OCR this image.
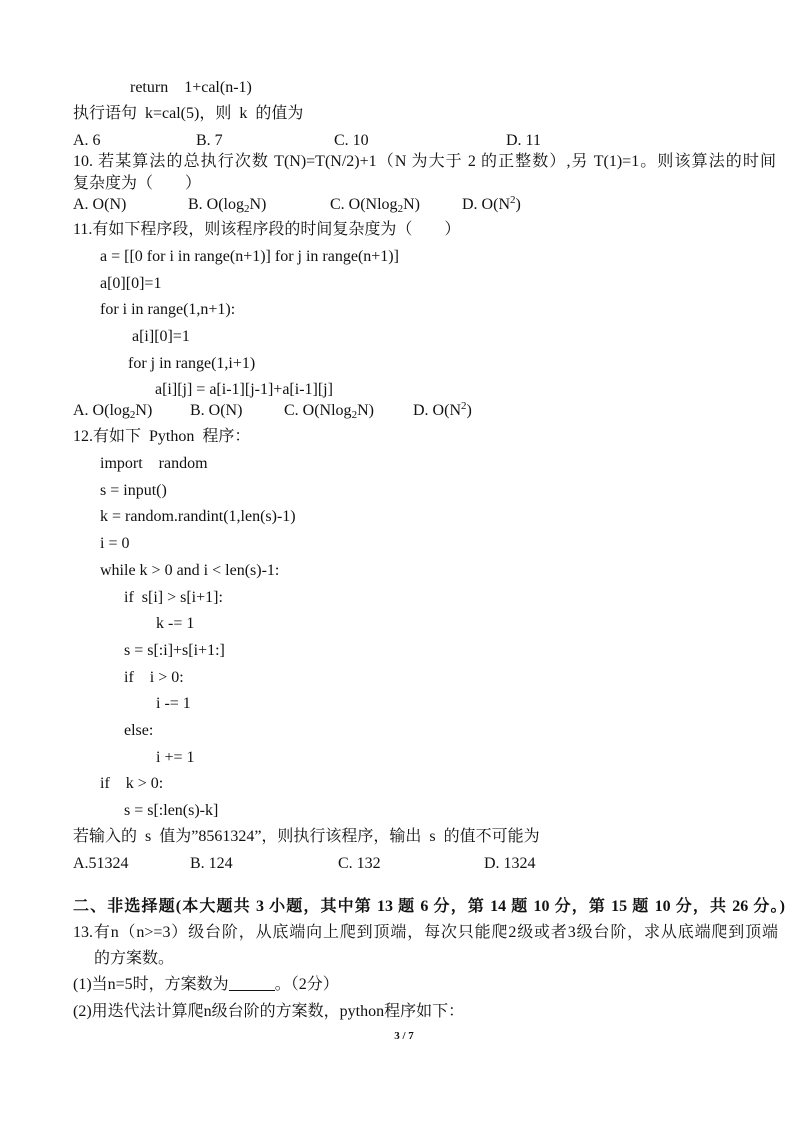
return    1+cal(n-1)
执行语句  k=cal(5)，则  k  的值为
A. 6	B. 7	C. 10	D. 11
10. 若某算法的总执行次数 T(N)=T(N/2)+1（N 为大于 2 的正整数）,另 T(1)=1。则该算法的时间
复杂度为（        ）
A. O(N)	B. $O(\log_2N)$	C. O(Nlog$_2$N)	D. $O(N^2)$
11.有如下程序段，则该程序段的时间复杂度为（        ）
a = [[0 for i in range(n+1)] for j in range(n+1)]
a[0][0]=1
for i in range(1,n+1):
a[i][0]=1
for j in range(1,i+1)
a[i][j] = a[i-1][j-1]+a[i-1][j]
A. $O(\log_2N)$ B. O(N)	C. O(Nlog$_2$N) D. $O(N^2)$
12.有如下  Python  程序：
import    random
s = input()
k = random.randint(1,len(s)-1)
i = 0
while k > 0 and i < len(s)-1:
if  s[i] > s[i+1]:
k -= 1
s = s[:i]+s[i+1:]
if    i > 0:
i -= 1
else:
i += 1
if    k > 0:
s = s[:len(s)-k]
若输入的  s  值为”8561324”，则执行该程序，输出  s  的值不可能为
A.51324	B. 124	C. 132	D. 1324
二、非选择题(本大题共 3 小题，其中第 13 题 6 分，第 14 题 10 分，第 15 题 10 分，共 26 分。)
13.有n（n>=3）级台阶，从底端向上爬到顶端，每次只能爬2级或者3级台阶，求从底端爬到顶端
的方案数。
(1)当n=5时，方案数为	。（2分）
(2)用迭代法计算爬n级台阶的方案数，python程序如下：
3 / 7
